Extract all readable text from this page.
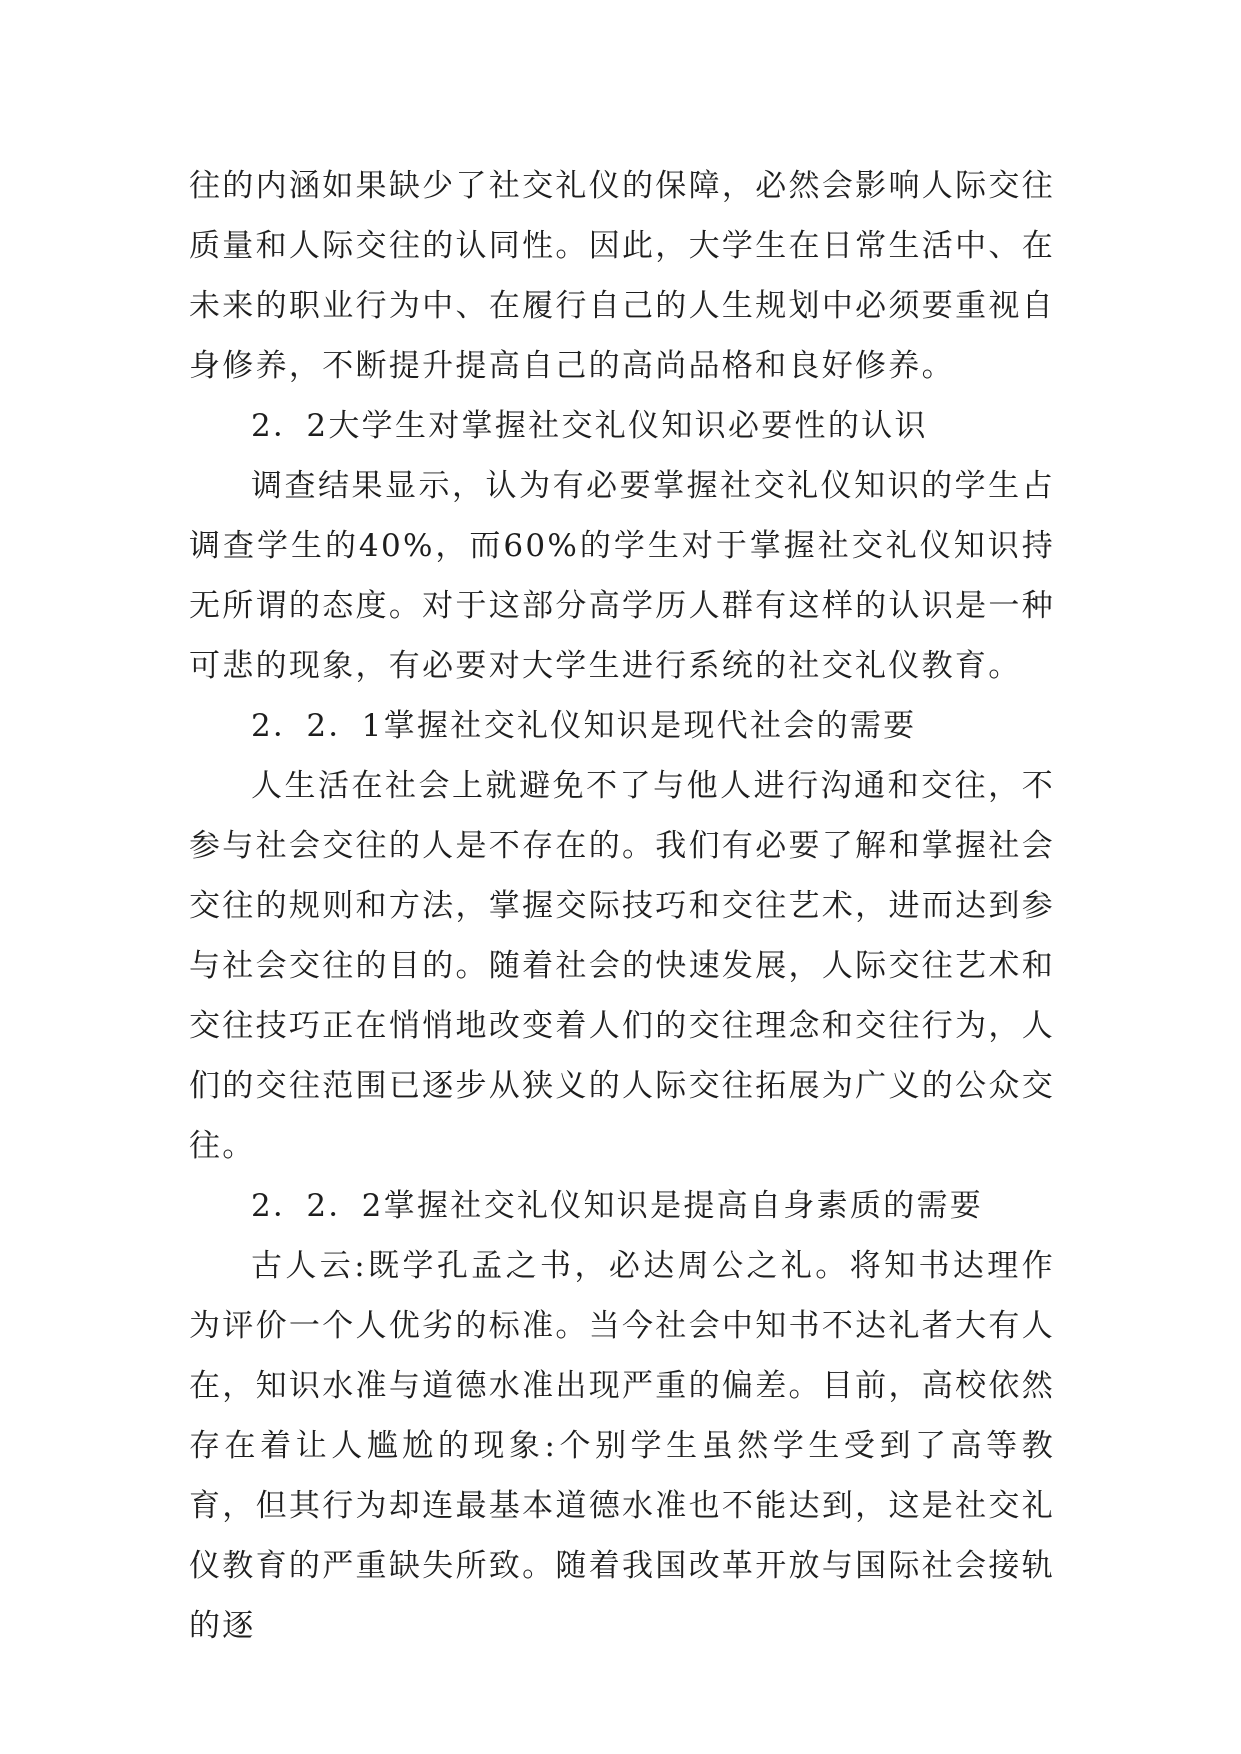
往的内涵如果缺少了社交礼仪的保障，必然会影响人际交往质量和人际交往的认同性。因此，大学生在日常生活中、在未来的职业行为中、在履行自己的人生规划中必须要重视自身修养，不断提升提高自己的高尚品格和良好修养。

2．2大学生对掌握社交礼仪知识必要性的认识

调查结果显示，认为有必要掌握社交礼仪知识的学生占调查学生的40%，而60%的学生对于掌握社交礼仪知识持无所谓的态度。对于这部分高学历人群有这样的认识是一种可悲的现象，有必要对大学生进行系统的社交礼仪教育。

2．2．1掌握社交礼仪知识是现代社会的需要

人生活在社会上就避免不了与他人进行沟通和交往，不参与社会交往的人是不存在的。我们有必要了解和掌握社会交往的规则和方法，掌握交际技巧和交往艺术，进而达到参与社会交往的目的。随着社会的快速发展，人际交往艺术和交往技巧正在悄悄地改变着人们的交往理念和交往行为，人们的交往范围已逐步从狭义的人际交往拓展为广义的公众交往。

2．2．2掌握社交礼仪知识是提高自身素质的需要

古人云:既学孔孟之书，必达周公之礼。将知书达理作为评价一个人优劣的标准。当今社会中知书不达礼者大有人在，知识水准与道德水准出现严重的偏差。目前，高校依然存在着让人尴尬的现象:个别学生虽然学生受到了高等教育，但其行为却连最基本道德水准也不能达到，这是社交礼仪教育的严重缺失所致。随着我国改革开放与国际社会接轨的逐
